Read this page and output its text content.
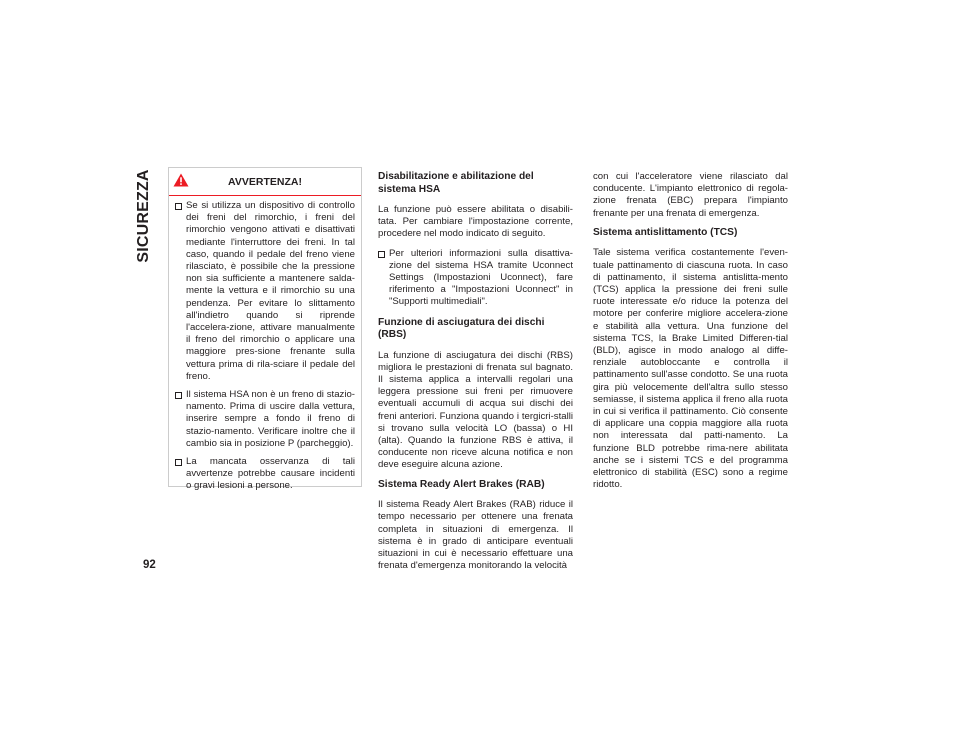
SICUREZZA
92
AVVERTENZA!
Se si utilizza un dispositivo di controllo dei freni del rimorchio, i freni del rimorchio vengono attivati e disattivati mediante l'interruttore dei freni. In tal caso, quando il pedale del freno viene rilasciato, è possibile che la pressione non sia sufficiente a mantenere salda-mente la vettura e il rimorchio su una pendenza. Per evitare lo slittamento all'indietro quando si riprende l'accelera-zione, attivare manualmente il freno del rimorchio o applicare una maggiore pres-sione frenante sulla vettura prima di rila-sciare il pedale del freno.
Il sistema HSA non è un freno di stazio-namento. Prima di uscire dalla vettura, inserire sempre a fondo il freno di stazio-namento. Verificare inoltre che il cambio sia in posizione P (parcheggio).
La mancata osservanza di tali avvertenze potrebbe causare incidenti o gravi lesioni a persone.
Disabilitazione e abilitazione del sistema HSA
La funzione può essere abilitata o disabili-tata. Per cambiare l'impostazione corrente, procedere nel modo indicato di seguito.
Per ulteriori informazioni sulla disattiva-zione del sistema HSA tramite Uconnect Settings (Impostazioni Uconnect), fare riferimento a "Impostazioni Uconnect" in "Supporti multimediali".
Funzione di asciugatura dei dischi (RBS)
La funzione di asciugatura dei dischi (RBS) migliora le prestazioni di frenata sul bagnato. Il sistema applica a intervalli regolari una leggera pressione sui freni per rimuovere eventuali accumuli di acqua sui dischi dei freni anteriori. Funziona quando i tergicri-stalli si trovano sulla velocità LO (bassa) o HI (alta). Quando la funzione RBS è attiva, il conducente non riceve alcuna notifica e non deve eseguire alcuna azione.
Sistema Ready Alert Brakes (RAB)
Il sistema Ready Alert Brakes (RAB) riduce il tempo necessario per ottenere una frenata completa in situazioni di emergenza. Il sistema è in grado di anticipare eventuali situazioni in cui è necessario effettuare una frenata d'emergenza monitorando la velocità
con cui l'acceleratore viene rilasciato dal conducente. L'impianto elettronico di regola-zione frenata (EBC) prepara l'impianto frenante per una frenata di emergenza.
Sistema antislittamento (TCS)
Tale sistema verifica costantemente l'even-tuale pattinamento di ciascuna ruota. In caso di pattinamento, il sistema antislitta-mento (TCS) applica la pressione dei freni sulle ruote interessate e/o riduce la potenza del motore per conferire migliore accelera-zione e stabilità alla vettura. Una funzione del sistema TCS, la Brake Limited Differen-tial (BLD), agisce in modo analogo al diffe-renziale autobloccante e controlla il pattinamento sull'asse condotto. Se una ruota gira più velocemente dell'altra sullo stesso semiasse, il sistema applica il freno alla ruota in cui si verifica il pattinamento. Ciò consente di applicare una coppia maggiore alla ruota non interessata dal patti-namento. La funzione BLD potrebbe rima-nere abilitata anche se i sistemi TCS e del programma elettronico di stabilità (ESC) sono a regime ridotto.
